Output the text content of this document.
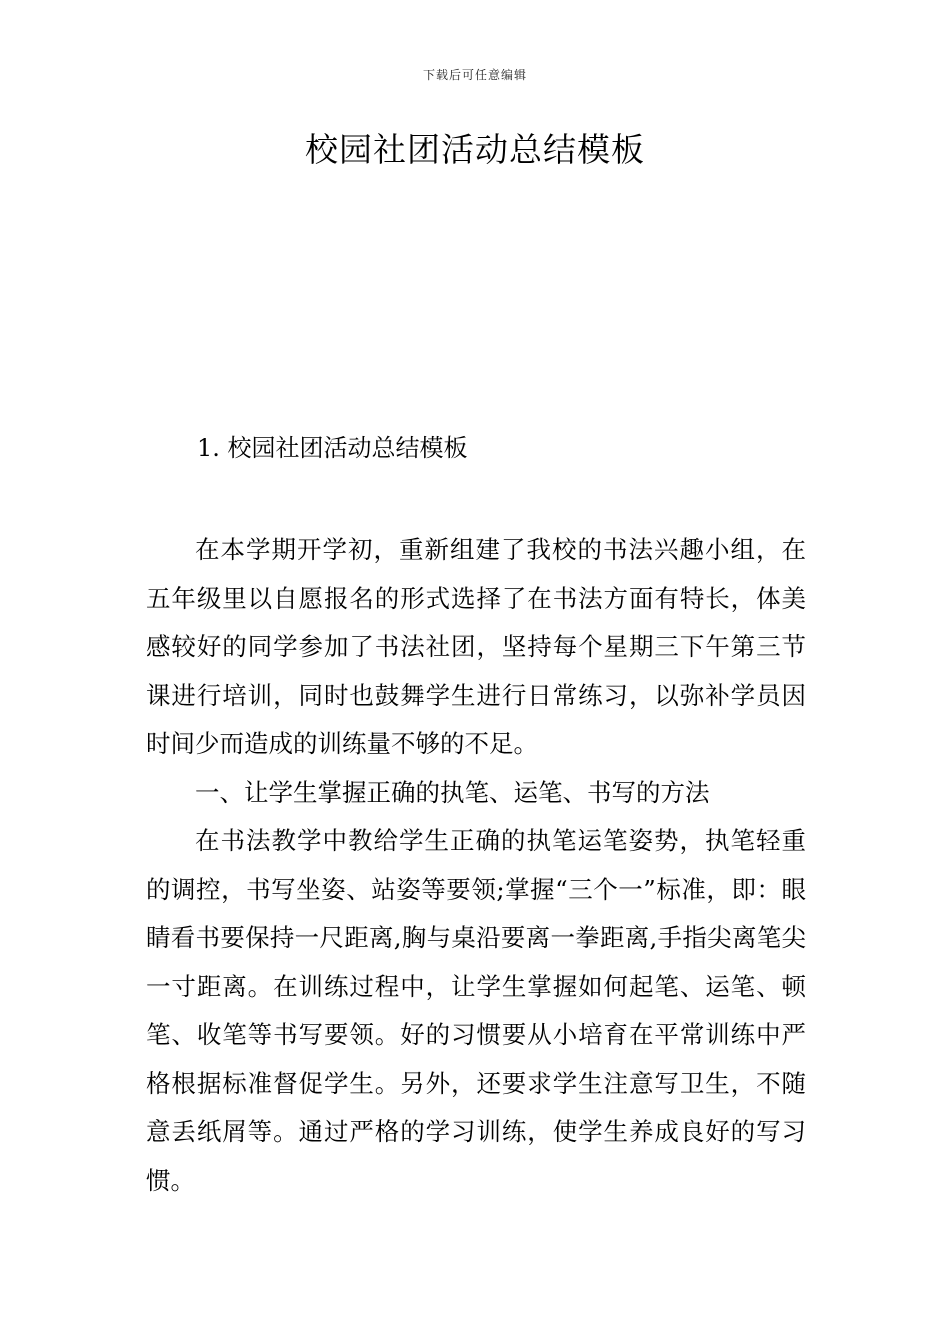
下载后可任意编辑
校园社团活动总结模板
1. 校园社团活动总结模板

在本学期开学初，重新组建了我校的书法兴趣小组，在五年级里以自愿报名的形式选择了在书法方面有特长，体美感较好的同学参加了书法社团，坚持每个星期三下午第三节课进行培训，同时也鼓舞学生进行日常练习，以弥补学员因时间少而造成的训练量不够的不足。

一、让学生掌握正确的执笔、运笔、书写的方法

在书法教学中教给学生正确的执笔运笔姿势，执笔轻重的调控，书写坐姿、站姿等要领;掌握“三个一”标准，即：眼睛看书要保持一尺距离,胸与桌沿要离一拳距离,手指尖离笔尖一寸距离。在训练过程中，让学生掌握如何起笔、运笔、顿笔、收笔等书写要领。好的习惯要从小培育在平常训练中严格根据标准督促学生。另外，还要求学生注意写卫生，不随意丢纸屑等。通过严格的学习训练，使学生养成良好的写习惯。
